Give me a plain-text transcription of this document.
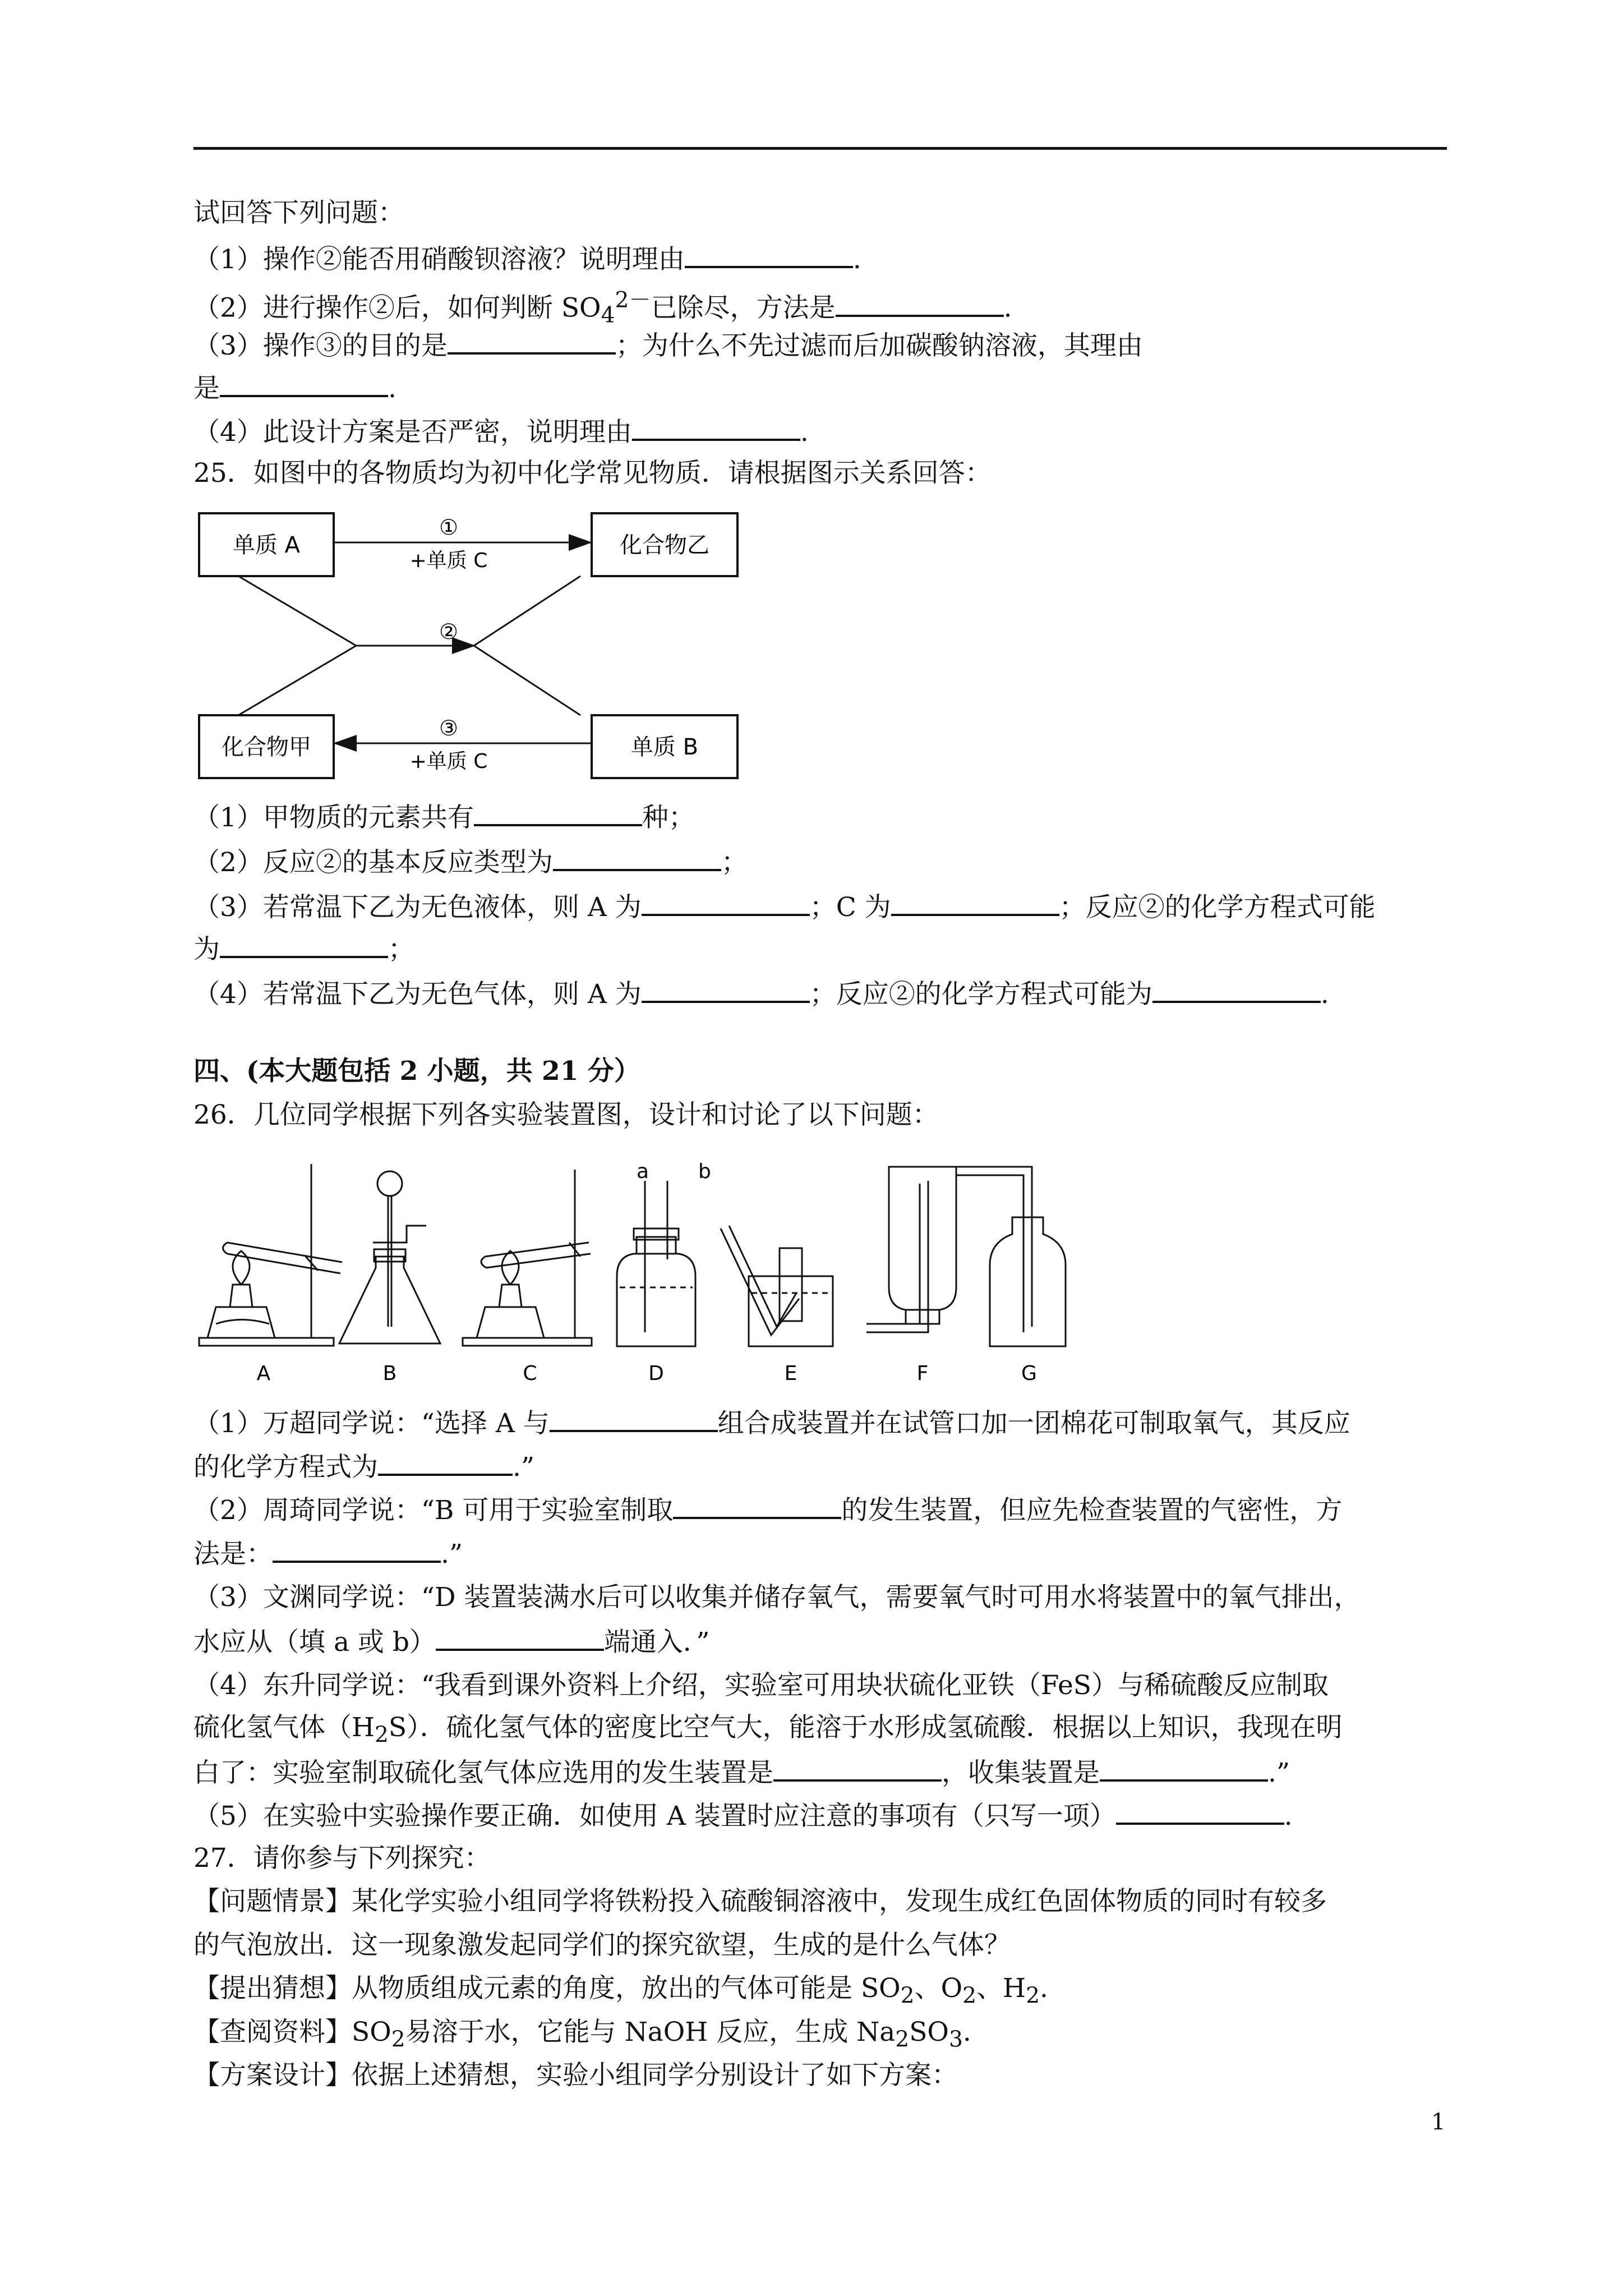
试回答下列问题：
（1）操作②能否用硝酸钡溶液？说明理由	.
（2）进行操作②后，如何判断 $SO_4^{2-}$已除尽，方法是	.
（3）操作③的目的是	；为什么不先过滤而后加碳酸钠溶液，其理由
是	.
（4）此设计方案是否严密，说明理由	.
25．如图中的各物质均为初中化学常见物质．请根据图示关系回答：
单质 A	化合物乙
化合物甲	单质 B
①
+单质 C
②
③
+单质 C
（1）甲物质的元素共有	种；
（2）反应②的基本反应类型为	；
（3）若常温下乙为无色液体，则 A 为	；C 为	；反应②的化学方程式可能
为	；
（4）若常温下乙为无色气体，则 A 为	；反应②的化学方程式可能为	.
四、(本大题包括 2 小题，共 21 分）
26．几位同学根据下列各实验装置图，设计和讨论了以下问题：
a b
A	B	C	D	E	F	G
（1）万超同学说：“选择 A 与	组合成装置并在试管口加一团棉花可制取氧气，其反应
的化学方程式为	.”
（2）周琦同学说：“B 可用于实验室制取	的发生装置，但应先检查装置的气密性，方
法是：	.”
（3）文渊同学说：“D 装置装满水后可以收集并储存氧气，需要氧气时可用水将装置中的氧气排出，
水应从（填 a 或 b）	端通入．”
（4）东升同学说：“我看到课外资料上介绍，实验室可用块状硫化亚铁（FeS）与稀硫酸反应制取
硫化氢气体$(H_2S)$．硫化氢气体的密度比空气大，能溶于水形成氢硫酸．根据以上知识，我现在明
白了：实验室制取硫化氢气体应选用的发生装置是	，收集装置是	.”
（5）在实验中实验操作要正确．如使用 A 装置时应注意的事项有（只写一项）	.
27．请你参与下列探究：
【问题情景】某化学实验小组同学将铁粉投入硫酸铜溶液中，发现生成红色固体物质的同时有较多
的气泡放出．这一现象激发起同学们的探究欲望，生成的是什么气体？
【提出猜想】从物质组成元素的角度，放出的气体可能是 $SO_2$、$O_2$、$H_2$.
【查阅资料】$SO_2$易溶于水，它能与 NaOH 反应，生成 $Na_2SO_3$.
【方案设计】依据上述猜想，实验小组同学分别设计了如下方案：
1
